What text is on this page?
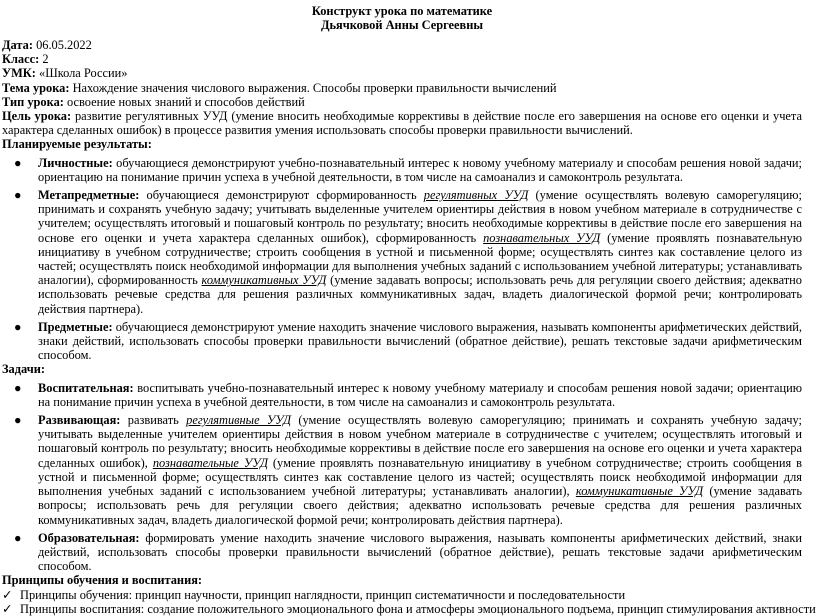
Конструкт урока по математике
Дьячковой Анны Сергеевны
Дата: 06.05.2022
Класс: 2
УМК: «Школа России»
Тема урока: Нахождение значения числового выражения. Способы проверки правильности вычислений
Тип урока: освоение новых знаний и способов действий
Цель урока: развитие регулятивных УУД (умение вносить необходимые коррективы в действие после его завершения на основе его оценки и учета характера сделанных ошибок) в процессе развития умения использовать способы проверки правильности вычислений.
Планируемые результаты:
● Личностные: обучающиеся демонстрируют учебно-познавательный интерес к новому учебному материалу и способам решения новой задачи; ориентацию на понимание причин успеха в учебной деятельности, в том числе на самоанализ и самоконтроль результата.
● Метапредметные: обучающиеся демонстрируют сформированность регулятивных УУД (умение осуществлять волевую саморегуляцию; принимать и сохранять учебную задачу; учитывать выделенные учителем ориентиры действия в новом учебном материале в сотрудничестве с учителем; осуществлять итоговый и пошаговый контроль по результату; вносить необходимые коррективы в действие после его завершения на основе его оценки и учета характера сделанных ошибок), сформированность познавательных УУД (умение проявлять познавательную инициативу в учебном сотрудничестве; строить сообщения в устной и письменной форме; осуществлять синтез как составление целого из частей; осуществлять поиск необходимой информации для выполнения учебных заданий с использованием учебной литературы; устанавливать аналогии), сформированность коммуникативных УУД (умение задавать вопросы; использовать речь для регуляции своего действия; адекватно использовать речевые средства для решения различных коммуникативных задач, владеть диалогической формой речи; контролировать действия партнера).
● Предметные: обучающиеся демонстрируют умение находить значение числового выражения, называть компоненты арифметических действий, знаки действий, использовать способы проверки правильности вычислений (обратное действие), решать текстовые задачи арифметическим способом.
Задачи:
● Воспитательная: воспитывать учебно-познавательный интерес к новому учебному материалу и способам решения новой задачи; ориентацию на понимание причин успеха в учебной деятельности, в том числе на самоанализ и самоконтроль результата.
● Развивающая: развивать регулятивные УУД (умение осуществлять волевую саморегуляцию; принимать и сохранять учебную задачу; учитывать выделенные учителем ориентиры действия в новом учебном материале в сотрудничестве с учителем; осуществлять итоговый и пошаговый контроль по результату; вносить необходимые коррективы в действие после его завершения на основе его оценки и учета характера сделанных ошибок), познавательные УУД (умение проявлять познавательную инициативу в учебном сотрудничестве; строить сообщения в устной и письменной форме; осуществлять синтез как составление целого из частей; осуществлять поиск необходимой информации для выполнения учебных заданий с использованием учебной литературы; устанавливать аналогии), коммуникативные УУД (умение задавать вопросы; использовать речь для регуляции своего действия; адекватно использовать речевые средства для решения различных коммуникативных задач, владеть диалогической формой речи; контролировать действия партнера).
● Образовательная: формировать умение находить значение числового выражения, называть компоненты арифметических действий, знаки действий, использовать способы проверки правильности вычислений (обратное действие), решать текстовые задачи арифметическим способом.
Принципы обучения и воспитания:
✓ Принципы обучения: принцип научности, принцип наглядности, принцип систематичности и последовательности
✓ Принципы воспитания: создание положительного эмоционального фона и атмосферы эмоционального подъема, принцип стимулирования активности
